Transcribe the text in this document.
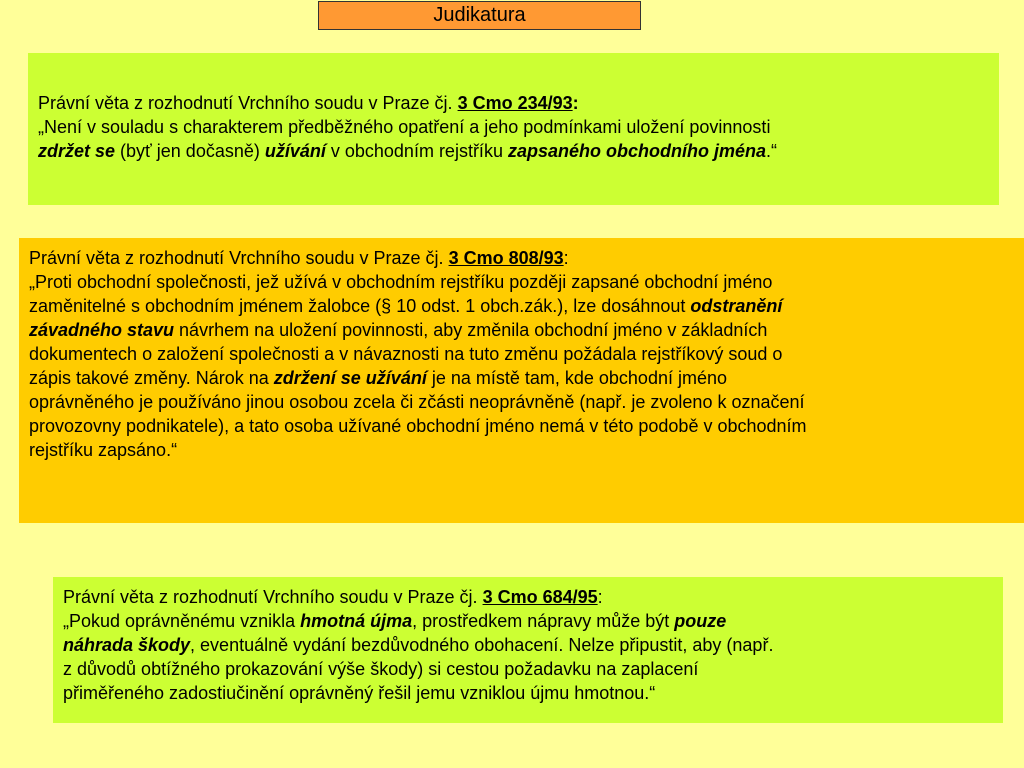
Judikatura
Právní věta z rozhodnutí Vrchního soudu v Praze čj. 3 Cmo 234/93:
„Není v souladu s charakterem předběžného opatření a jeho podmínkami uložení povinnosti
zdržet se (byť jen dočasně) užívání v obchodním rejstříku zapsaného obchodního jména.“
Právní věta z rozhodnutí Vrchního soudu v Praze čj. 3 Cmo 808/93:
„Proti obchodní společnosti, jež užívá v obchodním rejstříku později zapsané obchodní jméno
zaměnitelné s obchodním jménem žalobce (§ 10 odst. 1 obch.zák.), lze dosáhnout odstranění
závadného stavu návrhem na uložení povinnosti, aby změnila obchodní jméno v základních
dokumentech o založení společnosti a v návaznosti na tuto změnu požádala rejstříkový soud o
zápis takové změny. Nárok na zdržení se užívání je na místě tam, kde obchodní jméno
oprávněného je používáno jinou osobou zcela či zčásti neoprávněně (např. je zvoleno k označení
provozovny podnikatele), a tato osoba užívané obchodní jméno nemá v této podobě v obchodním
rejstříku zapsáno.“
Právní věta z rozhodnutí Vrchního soudu v Praze čj. 3 Cmo 684/95:
„Pokud oprávněnému vznikla hmotná újma, prostředkem nápravy může být pouze
náhrada škody, eventuálně vydání bezdůvodného obohacení. Nelze připustit, aby (např.
z důvodů obtížného prokazování výše škody) si cestou požadavku na zaplacení
přiměřeného zadostiučinění oprávněný řešil jemu vzniklou újmu hmotnou.“
